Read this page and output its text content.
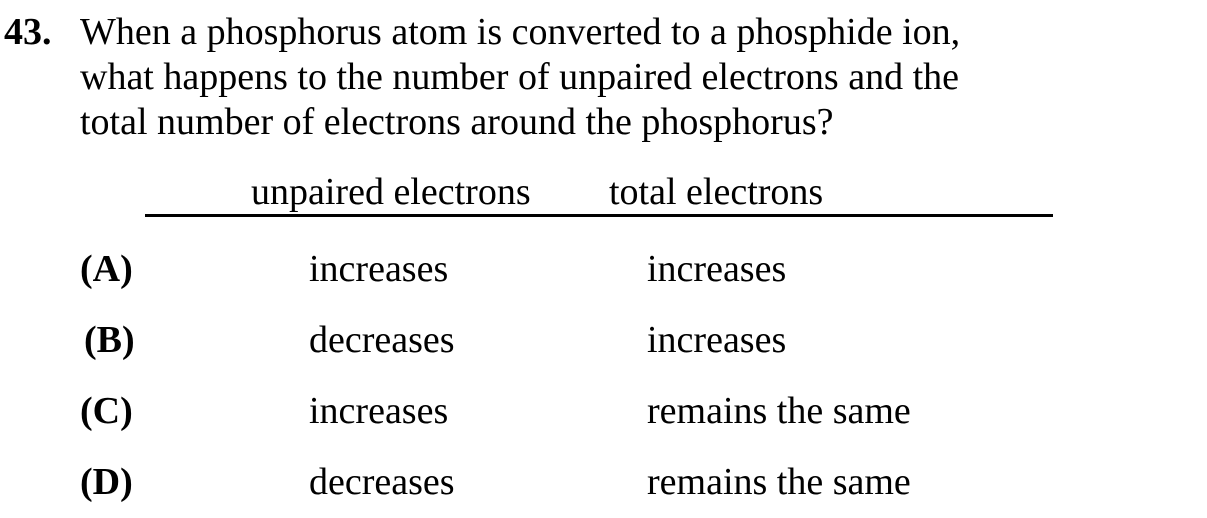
43. When a phosphorus atom is converted to a phosphide ion,
what happens to the number of unpaired electrons and the
total number of electrons around the phosphorus?
unpaired electrons total electrons
(A)	increases	increases
(B)	decreases	increases
(C)	increases	remains the same
(D)	decreases	remains the same
